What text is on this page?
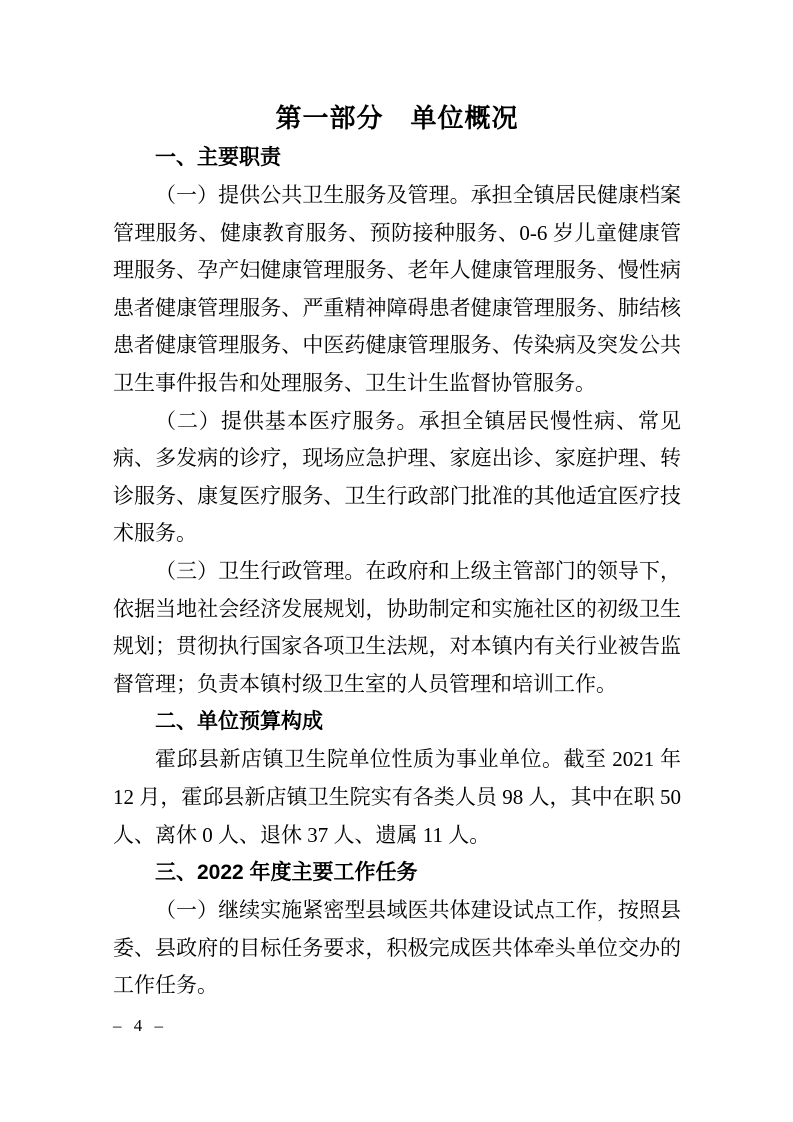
第一部分　单位概况
一、主要职责

（一）提供公共卫生服务及管理。承担全镇居民健康档案管理服务、健康教育服务、预防接种服务、0-6 岁儿童健康管理服务、孕产妇健康管理服务、老年人健康管理服务、慢性病患者健康管理服务、严重精神障碍患者健康管理服务、肺结核患者健康管理服务、中医药健康管理服务、传染病及突发公共卫生事件报告和处理服务、卫生计生监督协管服务。

（二）提供基本医疗服务。承担全镇居民慢性病、常见病、多发病的诊疗，现场应急护理、家庭出诊、家庭护理、转诊服务、康复医疗服务、卫生行政部门批准的其他适宜医疗技术服务。

（三）卫生行政管理。在政府和上级主管部门的领导下，依据当地社会经济发展规划，协助制定和实施社区的初级卫生规划；贯彻执行国家各项卫生法规，对本镇内有关行业被告监督管理；负责本镇村级卫生室的人员管理和培训工作。

二、单位预算构成

霍邱县新店镇卫生院单位性质为事业单位。截至 2021 年 12 月，霍邱县新店镇卫生院实有各类人员 98 人，其中在职 50 人、离休 0 人、退休 37 人、遗属 11 人。

三、2022 年度主要工作任务

（一）继续实施紧密型县域医共体建设试点工作，按照县委、县政府的目标任务要求，积极完成医共体牵头单位交办的工作任务。

– 4 –
